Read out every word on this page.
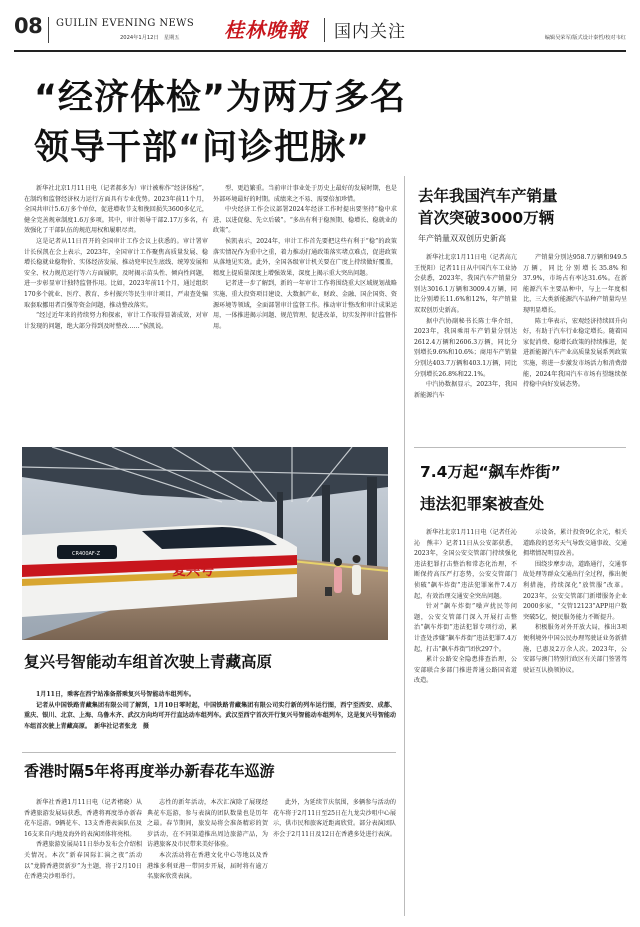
08 GUILIN EVENING NEWS
2024年1月12日　星期五 桂林晚報 国内关注	编辑吴荣军/版式设计秦哲/校对韦红
“经济体检”为两万多名
领导干部“问诊把脉”

新华社北京1月11日电（记者郝多为）审计被称作“经济体检”，在制约和监督经济权力运行方面具有专业优势。2023年前11个月，全国共审计5.6万多个单位，促进增收节支和挽回损失3600多亿元，健全完善规章制度1.6万多项。其中，审计领导干部2.17万多名，有效强化了干部队伍的规范用权和履职尽责。

这是记者从11日召开的全国审计工作会议上获悉的。审计署审计长侯凯在会上表示，2023年，全国审计工作聚焦高质量发展、稳增长稳就业稳物价、实体经济发展、推动兜牢民生底线、统筹发展和安全、权力规范运行等六方面履职，及时揭示苗头性、倾向性问题，进一步彰显审计独特监督作用。比如，2023年前11个月，通过组织170多个就业、医疗、教育、乡村振兴等民生审计项目，严肃查处骗取套取挪用者百强等资金问题，推动整改落实。

“经过近年来的持续努力和探索，审计工作取得显著成效，对审计发现的问题，绝大部分得到及时整改……”侯凯说。

型、更趋繁重。当前审计事业处于历史上最好的发展时期，也是外部环境最好的时期。成绩来之不易、需要倍加珍惜。

中央经济工作会议部署2024年经济工作时提出要坚持“稳中求进、以进促稳、先立后破”。“多出有利于稳预期、稳增长、稳就业的政策”。

侯凯表示，2024年，审计工作首先要把这些有利于“稳”的政策落实情况作为重中之重，着力推动打通政策落实堵点难点，促进政策从落地见实效。此外，全国各级审计机关要在广度上持续做好覆盖，精度上提质量深度上增强效果，深度上揭示重大突出问题。

记者进一步了解到，新的一年审计工作将围绕重大区域规划战略实施、重大投资项目建设、大数据产业、财政、金融、国企国资、资源环境等领域，全面部署审计监督工作。推动审计整改和审计成果运用，一体推进揭示问题、规范管理、促进改革，切实发挥审计监督作用。

CR400AF-Z
复兴号
复兴号智能动车组首次驶上青藏高原

1月11日，乘客在西宁站准备搭乘复兴号智能动车组列车。

记者从中国铁路青藏集团有限公司了解到，1月10日零时起，中国铁路青藏集团有限公司实行新的列车运行图，西宁至西安、成都、重庆、银川、北京、上海、乌鲁木齐、武汉方向均可开行直达动车组列车。武汉至西宁首次开行复兴号智能动车组列车，这是复兴号智能动车组首次驶上青藏高原。　新华社记者张龙　摄

去年我国汽车产销量
首次突破3000万辆
年产销量双双创历史新高

新华社北京1月11日电（记者高亢　王悦阳）记者11日从中国汽车工业协会获悉，2023年，我国汽车产销量分别达3016.1万辆和3009.4万辆，同比分别增长11.6%和12%，年产销量双双创历史新高。

据中汽协副秘书长陈士华介绍，2023年，我国乘用车产销量分别达2612.4万辆和2606.3万辆，同比分别增长9.6%和10.6%；商用车产销量分别达403.7万辆和403.1万辆，同比分别增长26.8%和22.1%。

中汽协数据显示，2023年，我国新能源汽车

产销量分别达958.7万辆和949.5万辆，同比分别增长35.8%和37.9%，市场占有率达31.6%。在新能源汽车主要品种中，与上一年度相比，三大类新能源汽车品种产销量均呈现明显增长。

陈士华表示，宏观经济持续回升向好，有助于汽车行业稳定增长。随着国家促消费、稳增长政策的持续推进，促进新能源汽车产业高质量发展系列政策实施，将进一步激发市场活力和消费潜能，2024年我国汽车市场有望继续保持稳中向好发展态势。

7.4万起“飙车炸街”
违法犯罪案被查处

新华社北京1月11日电（记者任沁沁　熊丰）记者11日从公安部获悉，2023年，全国公安交管部门持续强化违法犯罪打击整治和常态化治理，不断保持高压严打态势，公安交管部门侦破“飙车炸街”违法犯罪案件7.4万起，有效治理交通安全突出问题。

针对“飙车炸街”噪声扰民等问题，公安交管部门深入开展打击整治“飙车炸街”违法犯罪专项行动，累计查处涉嫌“飙车炸街”违法犯罪7.4万起，打击“飙车炸街”团伙297个。

累计公路安全隐患排查治理，公安部联合多部门推进普通公路国省道改造。

示设备，累计投资9亿余元，相关道路段的恶劣天气导致交通事故、交通拥堵情况明显改善。

围绕步摩步动，道路通行，交通事故处理等群众交通出行全过程，推出便利措施，持续深化“放管服”改革。2023年，公安交管部门新增服务企业2000多家，“交管12123”APP用户数突破5亿，便民服务能力不断提升。

积极服务对外开放大局，推出3项便利境外中国公民办理驾驶证业务新措施，已惠及2万余人次。2023年，公安部与澳门特别行政区有关部门签署驾驶证互认换领协议。

香港时隔5年将再度举办新春花车巡游

新华社香港1月11日电（记者褚晓）从香港旅游发展局获悉，香港将再度举办新春花车巡游。9辆花车、13支香港表演队伍及16支来自内地及海外的表演团体将亮相。

香港旅游发展局11日举办发布会介绍相关情况。本次“新春国际汇演之夜”活动以“龙腾香港贺新岁”为主题，将于2月10日在香港尖沙咀举行。

志性的新年活动，本次汇演除了展现经典花车巡游，参与表演的团队数量也是历年之最。春节期间，旅发局将会准备精彩的贺岁活动，在不同渠道推出周边旅游产品，为访港旅客及市民带来美好体验。

本次活动将在香港文化中心等地以及香港维多利亚港一带同步开展，届时将有逾万名旅客欣赏表演。

此外，为延续节庆氛围，多辆参与活动的花车将于2月11日至25日在九龙尖沙咀中心展示，供市民和旅客近距离欣赏。部分表演团队亦会于2月11日及12日在香港多处进行表演。
